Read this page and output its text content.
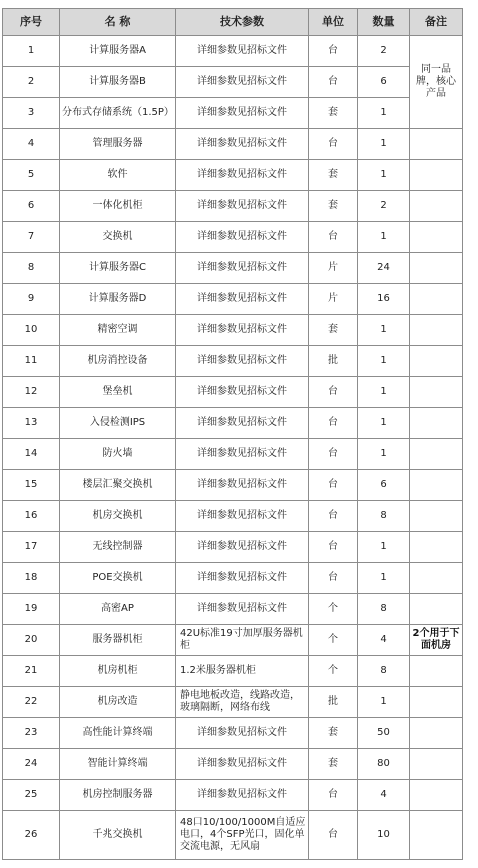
序号	名 称	技术参数	单位	数量	备注
1	计算服务器A	详细参数见招标文件	台	2	同一品牌，核心产品
2	计算服务器B	详细参数见招标文件	台	6	
3	分布式存储系统（1.5P）	详细参数见招标文件	套	1	
4	管理服务器	详细参数见招标文件	台	1	
5	软件	详细参数见招标文件	套	1	
6	一体化机柜	详细参数见招标文件	套	2	
7	交换机	详细参数见招标文件	台	1	
8	计算服务器C	详细参数见招标文件	片	24	
9	计算服务器D	详细参数见招标文件	片	16	
10	精密空调	详细参数见招标文件	套	1	
11	机房消控设备	详细参数见招标文件	批	1	
12	堡垒机	详细参数见招标文件	台	1	
13	入侵检测IPS	详细参数见招标文件	台	1	
14	防火墙	详细参数见招标文件	台	1	
15	楼层汇聚交换机	详细参数见招标文件	台	6	
16	机房交换机	详细参数见招标文件	台	8	
17	无线控制器	详细参数见招标文件	台	1	
18	POE交换机	详细参数见招标文件	台	1	
19	高密AP	详细参数见招标文件	个	8	
20	服务器机柜	42U标准19寸加厚服务器机柜	个	4	2个用于下面机房
21	机房机柜	1.2米服务器机柜	个	8	
22	机房改造	静电地板改造，线路改造，玻璃隔断，网络布线	批	1	
23	高性能计算终端	详细参数见招标文件	套	50	
24	智能计算终端	详细参数见招标文件	套	80	
25	机房控制服务器	详细参数见招标文件	台	4	
26	千兆交换机	48口10/100/1000M自适应电口，4个SFP光口，固化单交流电源，无风扇	台	10	
